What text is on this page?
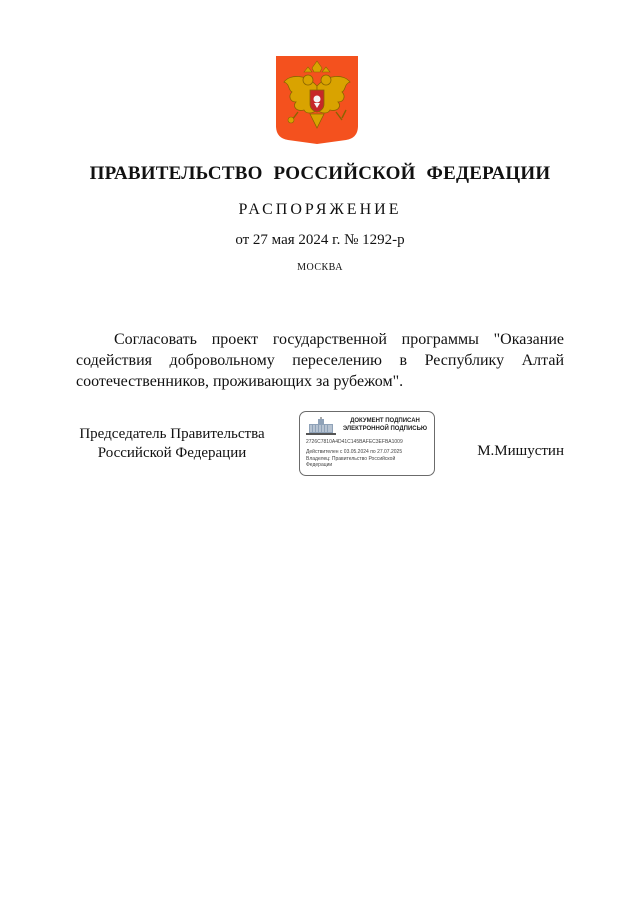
ПРАВИТЕЛЬСТВО РОССИЙСКОЙ ФЕДЕРАЦИИ
РАСПОРЯЖЕНИЕ
от 27 мая 2024 г. № 1292-р
МОСКВА
Согласовать проект государственной программы "Оказание
содействия добровольному переселению в Республику Алтай
соотечественников, проживающих за рубежом".
Председатель Правительства
Российской Федерации
ДОКУМЕНТ ПОДПИСАН
ЭЛЕКТРОННОЙ ПОДПИСЬЮ
2726C7810A4D41C145BAFEC3EFBA1009
Действителен с 03.05.2024 по 27.07.2025
Владелец: Правительство Российской
Федерации
М.Мишустин
